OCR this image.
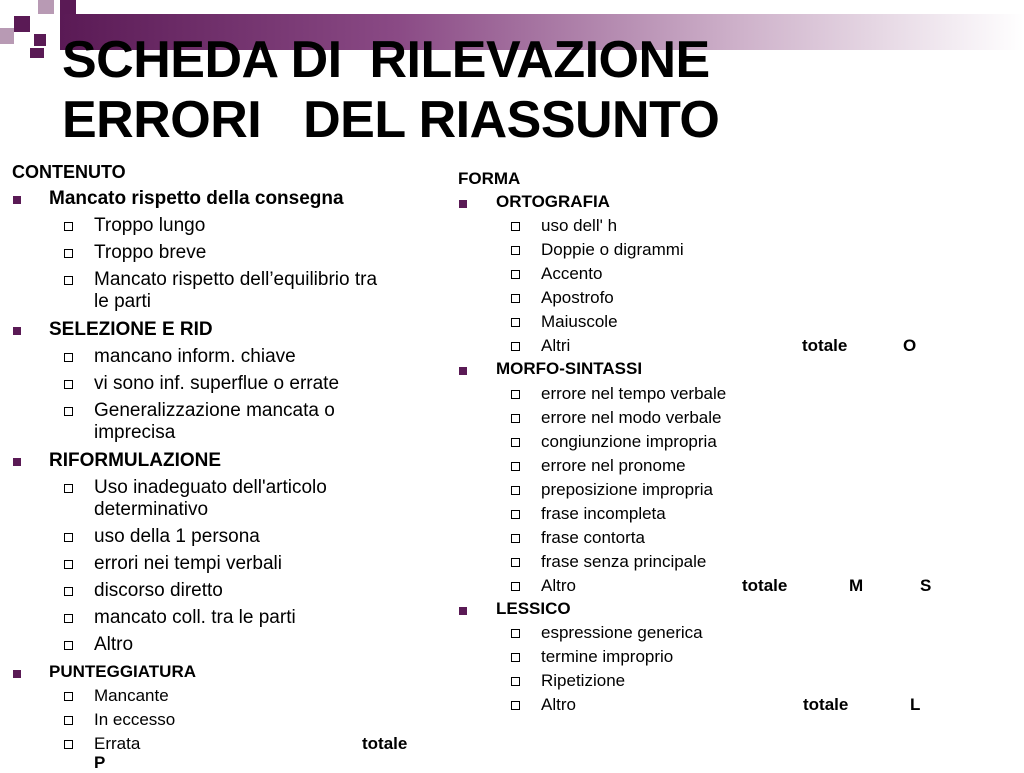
SCHEDA DI  RILEVAZIONE
ERRORI   DEL RIASSUNTO
CONTENUTO
Mancato rispetto della consegna
Troppo lungo
Troppo breve
Mancato rispetto dell’equilibrio tra
le parti
SELEZIONE E RID
mancano inform. chiave
vi sono inf. superflue o errate
Generalizzazione mancata o
imprecisa
RIFORMULAZIONE
Uso inadeguato dell'articolo
determinativo
uso della 1 persona
errori nei tempi verbali
discorso diretto
mancato coll. tra le parti
Altro
PUNTEGGIATURA
Mancante
In eccesso
Errata	totale
P
FORMA
ORTOGRAFIA
uso dell' h
Doppie o digrammi
Accento
Apostrofo
Maiuscole
Altri	totale	O
MORFO-SINTASSI
errore nel tempo verbale
errore nel modo verbale
congiunzione impropria
errore nel pronome
preposizione impropria
frase incompleta
frase contorta
frase senza principale
Altro	totale	M	S
LESSICO
espressione generica
termine improprio
Ripetizione
Altro	totale	L
